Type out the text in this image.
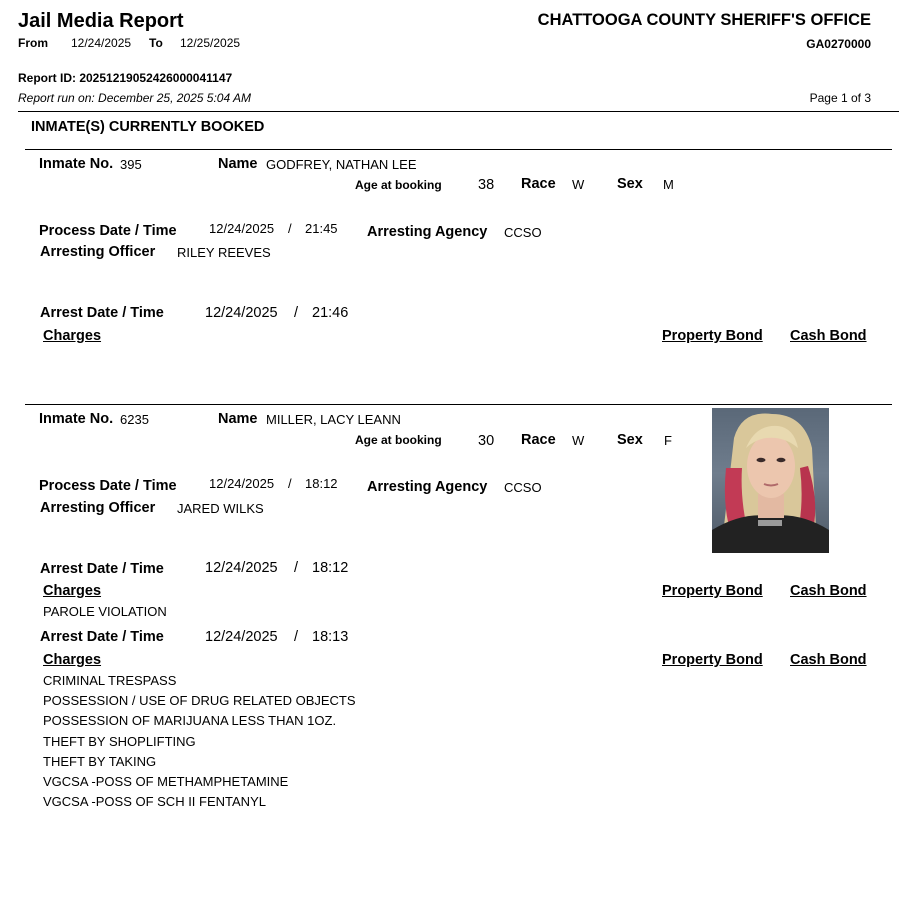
Jail Media Report
From 12/24/2025 To 12/25/2025
CHATTOOGA COUNTY SHERIFF'S OFFICE
GA0270000
Report ID: 20251219052426000041147
Report run on: December 25, 2025 5:04 AM	Page 1 of 3
INMATE(S) CURRENTLY BOOKED
Inmate No. 395	Name GODFREY, NATHAN LEE
Age at booking	38 Race W Sex M
Process Date / Time 12/24/2025 / 21:45 Arresting Agency CCSO
Arresting Officer RILEY REEVES
Arrest Date / Time	12/24/2025 / 21:46
Charges	Property Bond Cash Bond
Inmate No. 6235	Name MILLER, LACY LEANN
Age at booking	30 Race W Sex F
Process Date / Time 12/24/2025 / 18:12 Arresting Agency CCSO
Arresting Officer JARED WILKS
Arrest Date / Time	12/24/2025 / 18:12
Charges	Property Bond Cash Bond
PAROLE VIOLATION
Arrest Date / Time	12/24/2025 / 18:13
Charges	Property Bond Cash Bond
CRIMINAL TRESPASS
POSSESSION / USE OF DRUG RELATED OBJECTS
POSSESSION OF MARIJUANA LESS THAN 1OZ.
THEFT BY SHOPLIFTING
THEFT BY TAKING
VGCSA -POSS OF METHAMPHETAMINE
VGCSA -POSS OF SCH II FENTANYL
